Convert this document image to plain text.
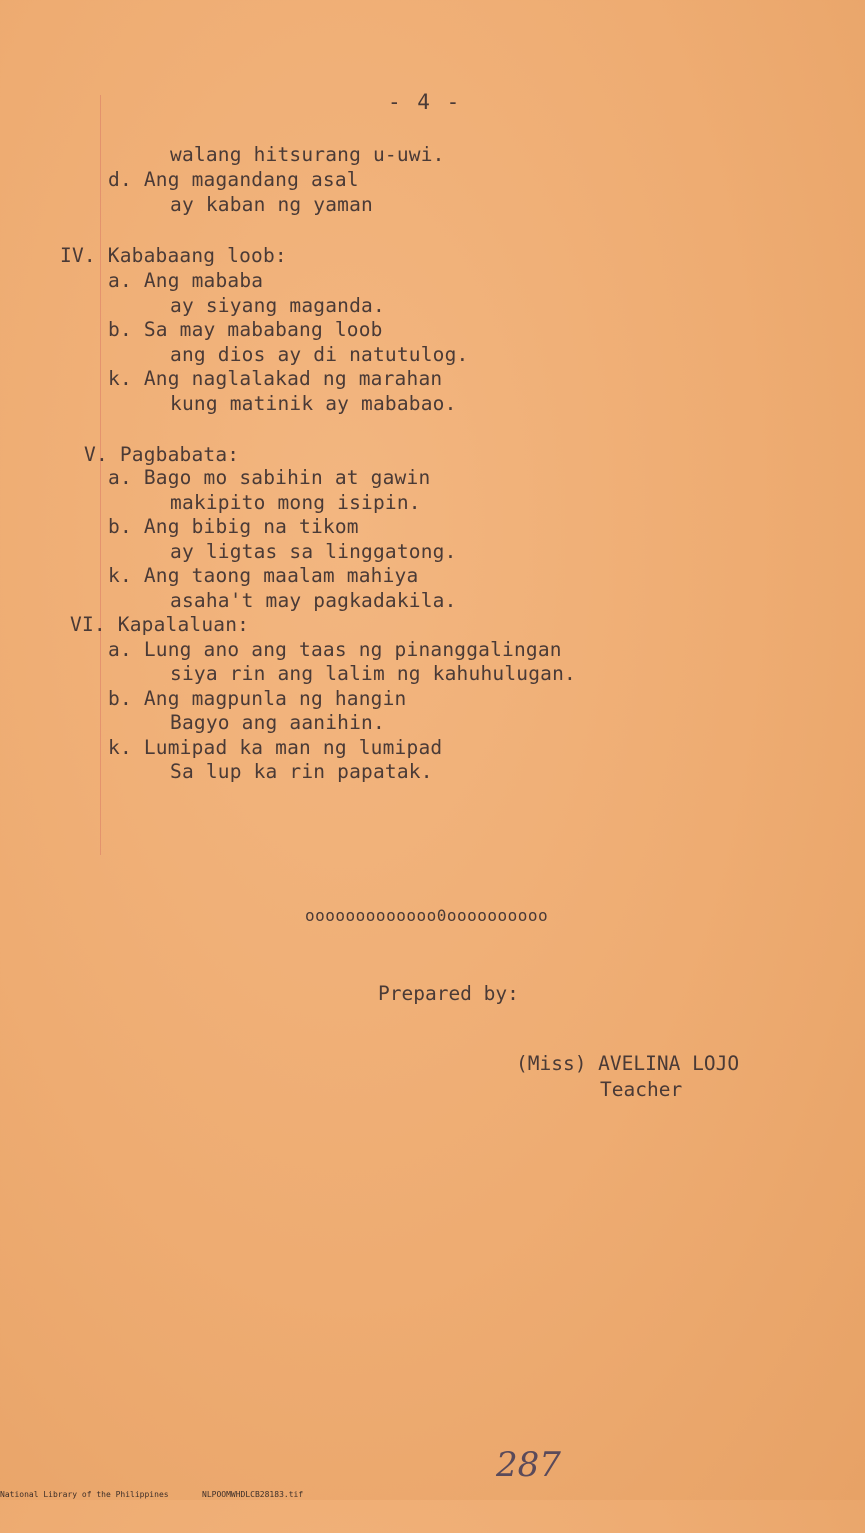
- 4 -
walang hitsurang u-uwi.
d. Ang magandang asal
ay kaban ng yaman
IV. Kababaang loob:
a. Ang mababa
ay siyang maganda.
b. Sa may mababang loob
ang dios ay di natutulog.
k. Ang naglalakad ng marahan
kung matinik ay mababao.
V. Pagbabata:
a. Bago mo sabihin at gawin
makipito mong isipin.
b. Ang bibig na tikom
ay ligtas sa linggatong.
k. Ang taong maalam mahiya
asaha't may pagkadakila.
VI. Kapalaluan:
a. Lung ano ang taas ng pinanggalingan
siya rin ang lalim ng kahuhulugan.
b. Ang magpunla ng hangin
Bagyo ang aanihin.
k. Lumipad ka man ng lumipad
Sa lup ka rin papatak.
ooooooooooooo0oooooooooo
Prepared by:
(Miss) AVELINA LOJO
Teacher
287

National Library of the Philippines

	NLPOOMWHDLCB28183.tif
